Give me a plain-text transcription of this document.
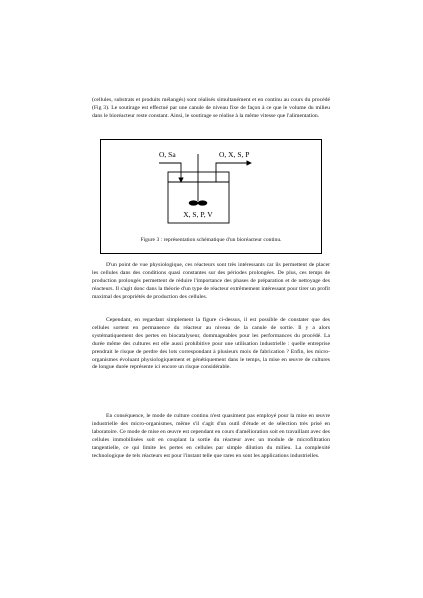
(cellules, substrats et produits mélangés) sont réalisés simultanément et en continu au cours du procédé (Fig 3). Le soutirage est effectué par une canule de niveau fixe de façon à ce que le volume du milieu dans le bioréacteur reste constant. Ainsi, le soutirage se réalise à la même vitesse que l'alimentation.

O, Sa	O, X, S, P
X, S, P, V

Figure 3 : représentation schématique d'un bioréacteur continu.

D'un point de vue physiologique, ces réacteurs sont très intéressants car ils permettent de placer les cellules dans des conditions quasi constantes sur des périodes prolongées. De plus, ces temps de production prolongés permettent de réduire l'importance des phases de préparation et de nettoyage des réacteurs. Il s'agit donc dans la théorie d'un type de réacteur extrêmement intéressant pour tirer un profit maximal des propriétés de production des cellules.

Cependant, en regardant simplement la figure ci-dessus, il est possible de constater que des cellules sortent en permanence du réacteur au niveau de la canule de sortie. Il y a alors systématiquement des pertes en biocatalyseur, dommageables pour les performances du procédé. La durée même des cultures est elle aussi prohibitive pour une utilisation industrielle : quelle entreprise prendrait le risque de perdre des lots correspondant à plusieurs mois de fabrication ? Enfin, les micro-organismes évoluant physiologiquement et génétiquement dans le temps, la mise en œuvre de cultures de longue durée représente ici encore un risque considérable.

En conséquence, le mode de culture continu n'est quasiment pas employé pour la mise en œuvre industrielle des micro-organismes, même s'il s'agit d'un outil d'étude et de sélection très prisé en laboratoire. Ce mode de mise en œuvre est cependant en cours d'amélioration soit en travaillant avec des cellules immobilisées soit en couplant la sortie du réacteur avec un module de microfiltration tangentielle, ce qui limite les pertes en cellules par simple dilution du milieu. La complexité technologique de tels réacteurs est pour l'instant telle que rares en sont les applications industrielles.
